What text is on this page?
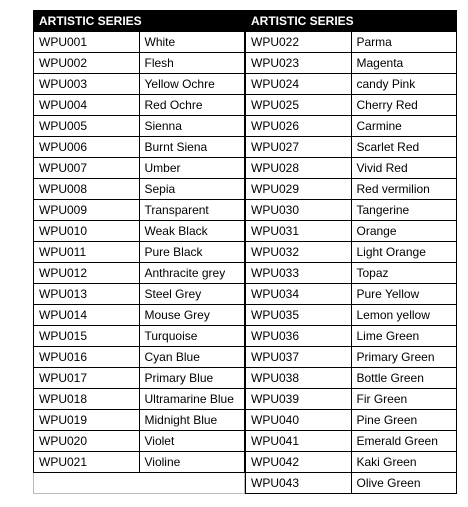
ARTISTIC SERIES	
WPU001	White
WPU002	Flesh
WPU003	Yellow Ochre
WPU004	Red Ochre
WPU005	Sienna
WPU006	Burnt Siena
WPU007	Umber
WPU008	Sepia
WPU009	Transparent
WPU010	Weak Black
WPU011	Pure Black
WPU012	Anthracite grey
WPU013	Steel Grey
WPU014	Mouse Grey
WPU015	Turquoise
WPU016	Cyan Blue
WPU017	Primary Blue
WPU018	Ultramarine Blue
WPU019	Midnight Blue
WPU020	Violet
WPU021	Violine

ARTISTIC SERIES	
WPU022	Parma
WPU023	Magenta
WPU024	candy Pink
WPU025	Cherry Red
WPU026	Carmine
WPU027	Scarlet Red
WPU028	Vivid Red
WPU029	Red vermilion
WPU030	Tangerine
WPU031	Orange
WPU032	Light Orange
WPU033	Topaz
WPU034	Pure Yellow
WPU035	Lemon yellow
WPU036	Lime Green
WPU037	Primary Green
WPU038	Bottle Green
WPU039	Fir Green
WPU040	Pine Green
WPU041	Emerald Green
WPU042	Kaki Green
WPU043	Olive Green
